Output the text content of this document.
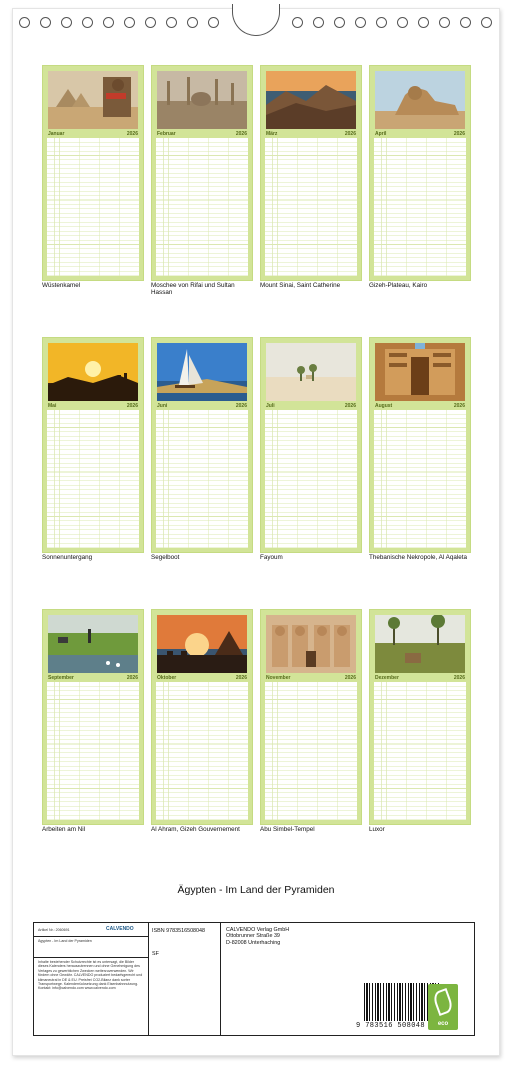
Januar	2026
Wüstenkamel
Februar	2026
Moschee von Rifai und Sultan Hassan
März	2026
Mount Sinai, Saint Catherine
April	2026
Gizeh-Plateau, Kairo
Mai	2026
Sonnenuntergang
Juni	2026
Segelboot
Juli	2026
Fayoum
August	2026
Thebanische Nekropole, Al Aqaleta
September	2026
Arbeiten am Nil
Oktober	2026
Al Ahram, Gizeh Gouvernement
November	2026
Abu Simbel-Tempel
Dezember	2026
Luxor
Ägypten - Im Land der Pyramiden
Artikel Nr.: 2060691	CALVENDO
Ägypten - Im Land der Pyramiden
Inhalte bestehender Schutzrechte ist es untersagt, die Bilder dieses Kalenders herauszutrennen und ohne Genehmigung des Verlages zu gewerblichen Zwecken weiterzuverwenden. Wir fördern ohne Gewähr. CALVENDO produziert bedarfsgerecht und klimaneutral in DE & EU. Preisfrei CO2-Bilanz dank sorter Transportwege. Kalenderrücksetzung dank Eisenbahnnutzung. Kontakt: info@calvendo.com www.calvendo.com
ISBN 9783516508048
SF
CALVENDO Verlag GmbH
Ottobrunner Straße 39
D-82008 Unterhaching
9 783516 508048	eco
